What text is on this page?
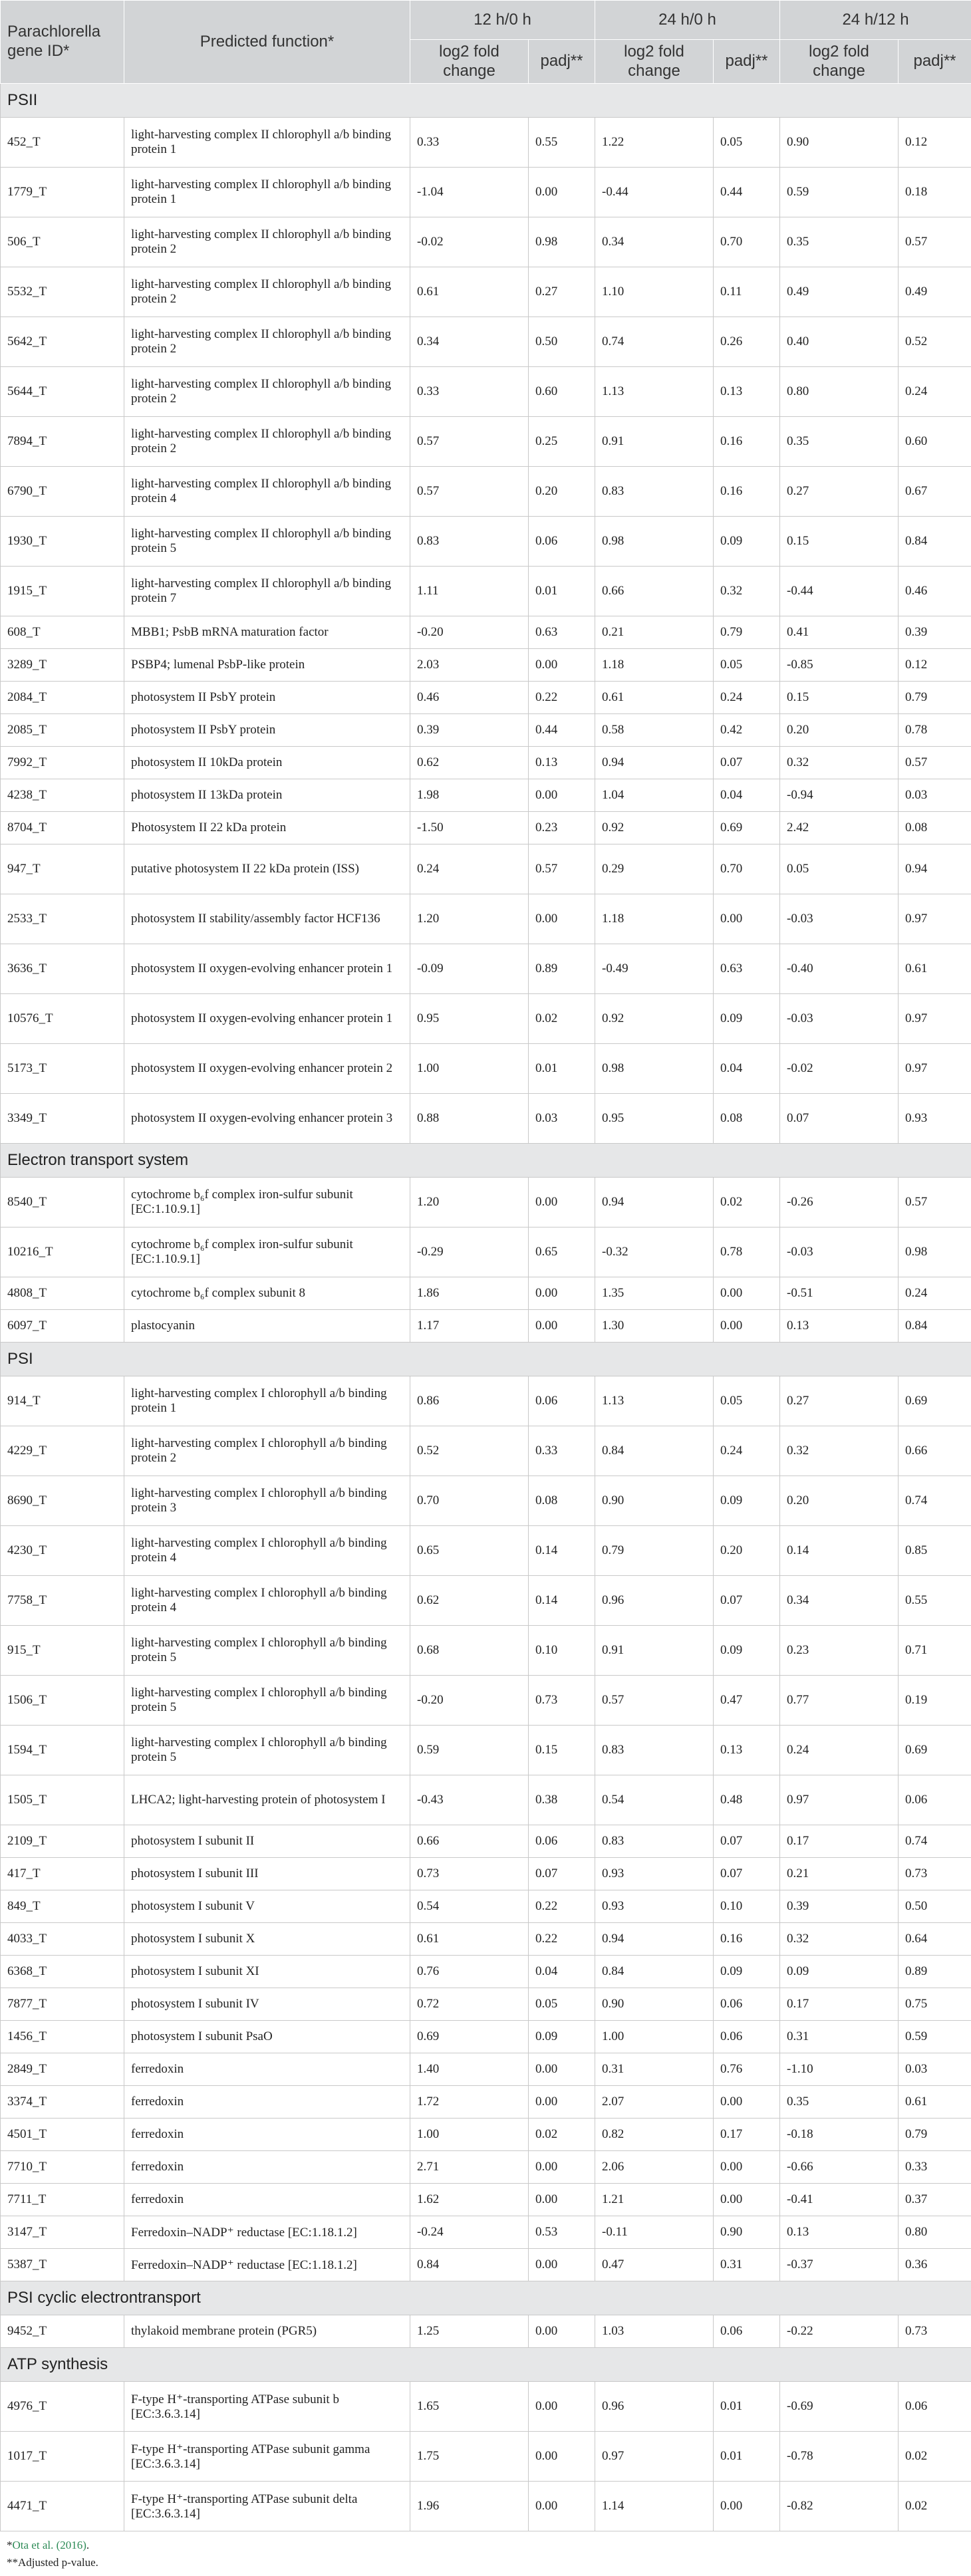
Parachlorella gene ID*	Predicted function*	12 h/0 h		24 h/0 h		24 h/12 h	
		log2 fold change	padj**	log2 fold change	padj**	log2 fold change	padj**
PSII							
452_T	light-harvesting complex II chlorophyll a/b binding protein 1	0.33	0.55	1.22	0.05	0.90	0.12
1779_T	light-harvesting complex II chlorophyll a/b binding protein 1	-1.04	0.00	-0.44	0.44	0.59	0.18
506_T	light-harvesting complex II chlorophyll a/b binding protein 2	-0.02	0.98	0.34	0.70	0.35	0.57
5532_T	light-harvesting complex II chlorophyll a/b binding protein 2	0.61	0.27	1.10	0.11	0.49	0.49
5642_T	light-harvesting complex II chlorophyll a/b binding protein 2	0.34	0.50	0.74	0.26	0.40	0.52
5644_T	light-harvesting complex II chlorophyll a/b binding protein 2	0.33	0.60	1.13	0.13	0.80	0.24
7894_T	light-harvesting complex II chlorophyll a/b binding protein 2	0.57	0.25	0.91	0.16	0.35	0.60
6790_T	light-harvesting complex II chlorophyll a/b binding protein 4	0.57	0.20	0.83	0.16	0.27	0.67
1930_T	light-harvesting complex II chlorophyll a/b binding protein 5	0.83	0.06	0.98	0.09	0.15	0.84
1915_T	light-harvesting complex II chlorophyll a/b binding protein 7	1.11	0.01	0.66	0.32	-0.44	0.46
608_T	MBB1; PsbB mRNA maturation factor	-0.20	0.63	0.21	0.79	0.41	0.39
3289_T	PSBP4; lumenal PsbP-like protein	2.03	0.00	1.18	0.05	-0.85	0.12
2084_T	photosystem II PsbY protein	0.46	0.22	0.61	0.24	0.15	0.79
2085_T	photosystem II PsbY protein	0.39	0.44	0.58	0.42	0.20	0.78
7992_T	photosystem II 10kDa protein	0.62	0.13	0.94	0.07	0.32	0.57
4238_T	photosystem II 13kDa protein	1.98	0.00	1.04	0.04	-0.94	0.03
8704_T	Photosystem II 22 kDa protein	-1.50	0.23	0.92	0.69	2.42	0.08
947_T	putative photosystem II 22 kDa protein (ISS)	0.24	0.57	0.29	0.70	0.05	0.94
2533_T	photosystem II stability/assembly factor HCF136	1.20	0.00	1.18	0.00	-0.03	0.97
3636_T	photosystem II oxygen-evolving enhancer protein 1	-0.09	0.89	-0.49	0.63	-0.40	0.61
10576_T	photosystem II oxygen-evolving enhancer protein 1	0.95	0.02	0.92	0.09	-0.03	0.97
5173_T	photosystem II oxygen-evolving enhancer protein 2	1.00	0.01	0.98	0.04	-0.02	0.97
3349_T	photosystem II oxygen-evolving enhancer protein 3	0.88	0.03	0.95	0.08	0.07	0.93
Electron transport system							
8540_T	cytochrome b₆f complex iron-sulfur subunit [EC:1.10.9.1]	1.20	0.00	0.94	0.02	-0.26	0.57
10216_T	cytochrome b₆f complex iron-sulfur subunit [EC:1.10.9.1]	-0.29	0.65	-0.32	0.78	-0.03	0.98
4808_T	cytochrome b₆f complex subunit 8	1.86	0.00	1.35	0.00	-0.51	0.24
6097_T	plastocyanin	1.17	0.00	1.30	0.00	0.13	0.84
PSI							
914_T	light-harvesting complex I chlorophyll a/b binding protein 1	0.86	0.06	1.13	0.05	0.27	0.69
4229_T	light-harvesting complex I chlorophyll a/b binding protein 2	0.52	0.33	0.84	0.24	0.32	0.66
8690_T	light-harvesting complex I chlorophyll a/b binding protein 3	0.70	0.08	0.90	0.09	0.20	0.74
4230_T	light-harvesting complex I chlorophyll a/b binding protein 4	0.65	0.14	0.79	0.20	0.14	0.85
7758_T	light-harvesting complex I chlorophyll a/b binding protein 4	0.62	0.14	0.96	0.07	0.34	0.55
915_T	light-harvesting complex I chlorophyll a/b binding protein 5	0.68	0.10	0.91	0.09	0.23	0.71
1506_T	light-harvesting complex I chlorophyll a/b binding protein 5	-0.20	0.73	0.57	0.47	0.77	0.19
1594_T	light-harvesting complex I chlorophyll a/b binding protein 5	0.59	0.15	0.83	0.13	0.24	0.69
1505_T	LHCA2; light-harvesting protein of photosystem I	-0.43	0.38	0.54	0.48	0.97	0.06
2109_T	photosystem I subunit II	0.66	0.06	0.83	0.07	0.17	0.74
417_T	photosystem I subunit III	0.73	0.07	0.93	0.07	0.21	0.73
849_T	photosystem I subunit V	0.54	0.22	0.93	0.10	0.39	0.50
4033_T	photosystem I subunit X	0.61	0.22	0.94	0.16	0.32	0.64
6368_T	photosystem I subunit XI	0.76	0.04	0.84	0.09	0.09	0.89
7877_T	photosystem I subunit IV	0.72	0.05	0.90	0.06	0.17	0.75
1456_T	photosystem I subunit PsaO	0.69	0.09	1.00	0.06	0.31	0.59
2849_T	ferredoxin	1.40	0.00	0.31	0.76	-1.10	0.03
3374_T	ferredoxin	1.72	0.00	2.07	0.00	0.35	0.61
4501_T	ferredoxin	1.00	0.02	0.82	0.17	-0.18	0.79
7710_T	ferredoxin	2.71	0.00	2.06	0.00	-0.66	0.33
7711_T	ferredoxin	1.62	0.00	1.21	0.00	-0.41	0.37
3147_T	Ferredoxin–NADP⁺ reductase [EC:1.18.1.2]	-0.24	0.53	-0.11	0.90	0.13	0.80
5387_T	Ferredoxin–NADP⁺ reductase [EC:1.18.1.2]	0.84	0.00	0.47	0.31	-0.37	0.36
PSI cyclic electrontransport							
9452_T	thylakoid membrane protein (PGR5)	1.25	0.00	1.03	0.06	-0.22	0.73
ATP synthesis							
4976_T	F-type H⁺-transporting ATPase subunit b [EC:3.6.3.14]	1.65	0.00	0.96	0.01	-0.69	0.06
1017_T	F-type H⁺-transporting ATPase subunit gamma [EC:3.6.3.14]	1.75	0.00	0.97	0.01	-0.78	0.02
4471_T	F-type H⁺-transporting ATPase subunit delta [EC:3.6.3.14]	1.96	0.00	1.14	0.00	-0.82	0.02
*Ota et al. (2016).
**Adjusted p-value.
